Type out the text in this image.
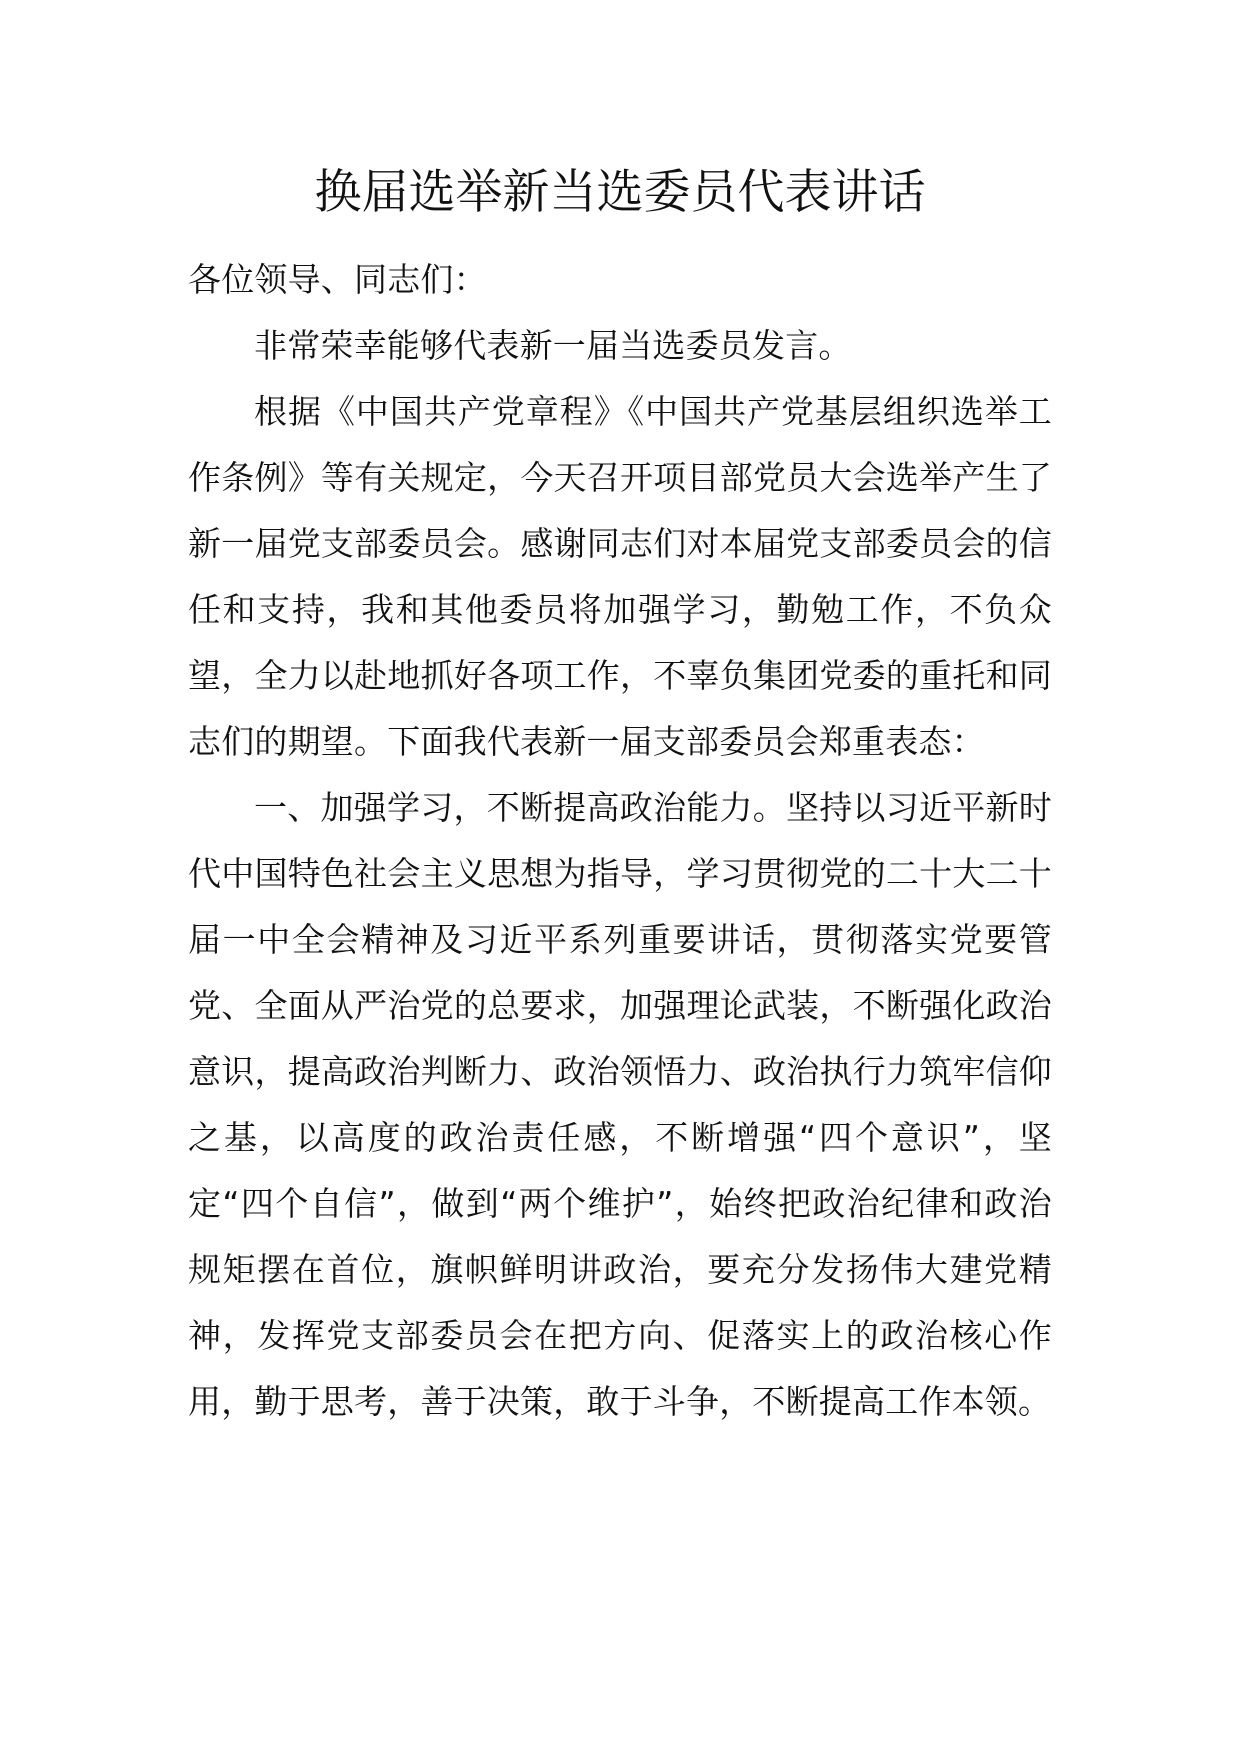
换届选举新当选委员代表讲话

各位领导、同志们：

非常荣幸能够代表新一届当选委员发言。

根据《中国共产党章程》《中国共产党基层组织选举工作条例》等有关规定，今天召开项目部党员大会选举产生了新一届党支部委员会。感谢同志们对本届党支部委员会的信任和支持，我和其他委员将加强学习，勤勉工作，不负众望，全力以赴地抓好各项工作，不辜负集团党委的重托和同志们的期望。下面我代表新一届支部委员会郑重表态：

一、加强学习，不断提高政治能力。坚持以习近平新时代中国特色社会主义思想为指导，学习贯彻党的二十大二十届一中全会精神及习近平系列重要讲话，贯彻落实党要管党、全面从严治党的总要求，加强理论武装，不断强化政治意识，提高政治判断力、政治领悟力、政治执行力筑牢信仰之基，以高度的政治责任感，不断增强“四个意识”，坚定“四个自信”，做到“两个维护”，始终把政治纪律和政治规矩摆在首位，旗帜鲜明讲政治，要充分发扬伟大建党精神，发挥党支部委员会在把方向、促落实上的政治核心作用，勤于思考，善于决策，敢于斗争，不断提高工作本领。
